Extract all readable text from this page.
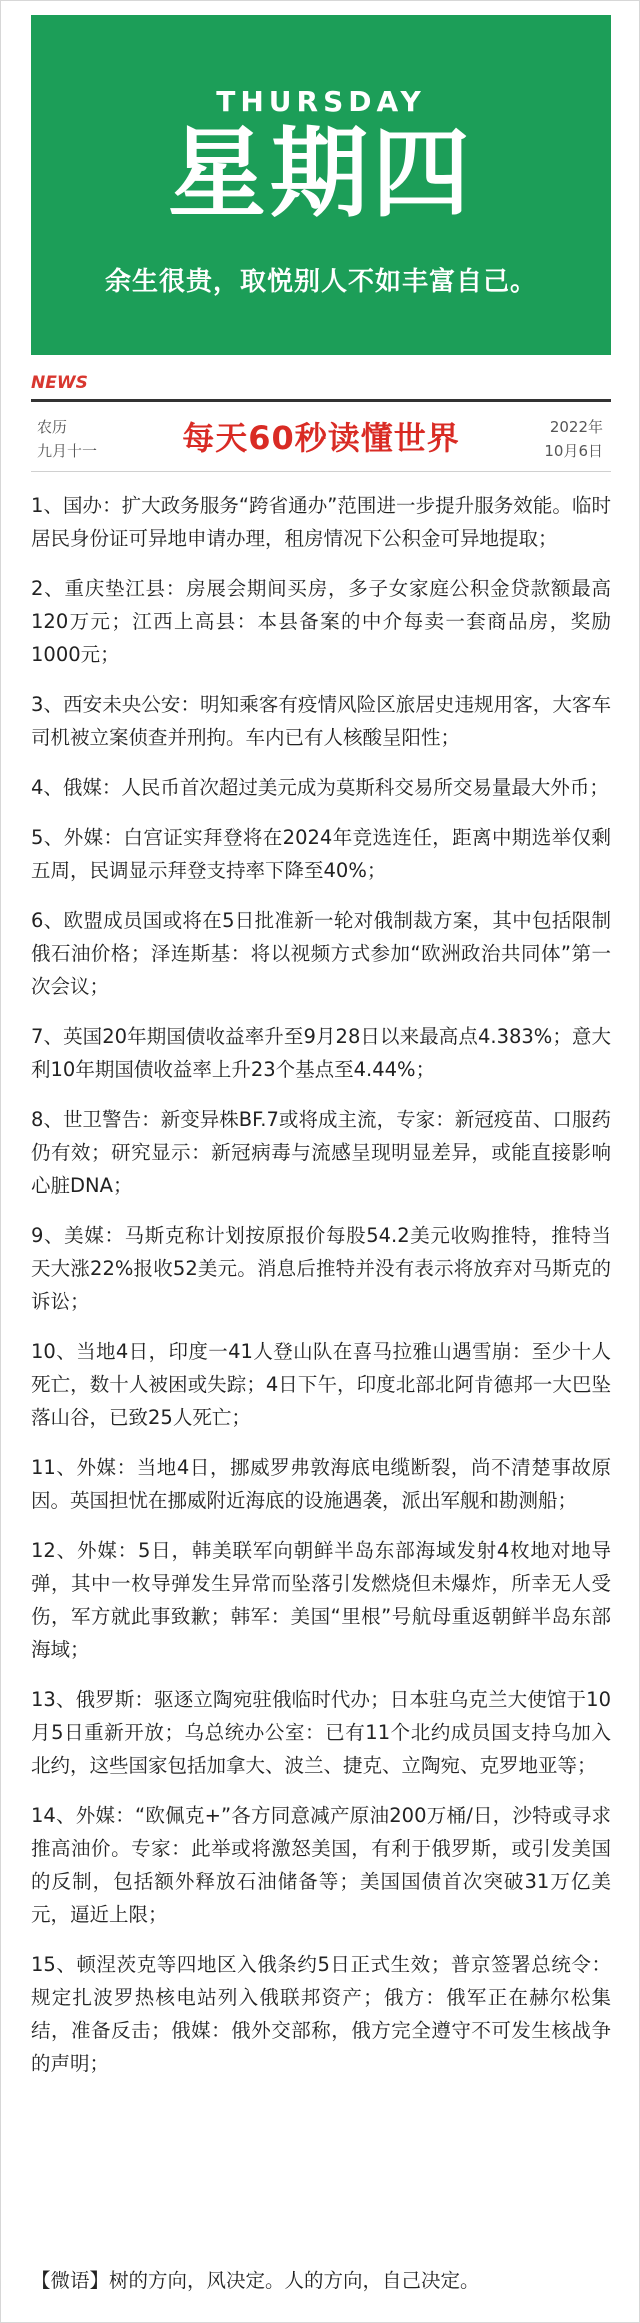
THURSDAY
星期四
余生很贵，取悦别人不如丰富自己。
NEWS
农历
九月十一	每天60秒读懂世界	2022年
10月6日
1、国办：扩大政务服务“跨省通办”范围进一步提升服务效能。临时居民身份证可异地申请办理，租房情况下公积金可异地提取；
2、重庆垫江县：房展会期间买房，多子女家庭公积金贷款额最高120万元；江西上高县：本县备案的中介每卖一套商品房，奖励1000元；
3、西安未央公安：明知乘客有疫情风险区旅居史违规用客，大客车司机被立案侦查并刑拘。车内已有人核酸呈阳性；
4、俄媒：人民币首次超过美元成为莫斯科交易所交易量最大外币；
5、外媒：白宫证实拜登将在2024年竞选连任，距离中期选举仅剩五周，民调显示拜登支持率下降至40%；
6、欧盟成员国或将在5日批准新一轮对俄制裁方案，其中包括限制俄石油价格；泽连斯基：将以视频方式参加“欧洲政治共同体”第一次会议；
7、英国20年期国债收益率升至9月28日以来最高点4.383%；意大利10年期国债收益率上升23个基点至4.44%；
8、世卫警告：新变异株BF.7或将成主流，专家：新冠疫苗、口服药仍有效；研究显示：新冠病毒与流感呈现明显差异，或能直接影响心脏DNA；
9、美媒：马斯克称计划按原报价每股54.2美元收购推特，推特当天大涨22%报收52美元。消息后推特并没有表示将放弃对马斯克的诉讼；
10、当地4日，印度一41人登山队在喜马拉雅山遇雪崩：至少十人死亡，数十人被困或失踪；4日下午，印度北部北阿肯德邦一大巴坠落山谷，已致25人死亡；
11、外媒：当地4日，挪威罗弗敦海底电缆断裂，尚不清楚事故原因。英国担忧在挪威附近海底的设施遇袭，派出军舰和勘测船；
12、外媒：5日，韩美联军向朝鲜半岛东部海域发射4枚地对地导弹，其中一枚导弹发生异常而坠落引发燃烧但未爆炸，所幸无人受伤，军方就此事致歉；韩军：美国“里根”号航母重返朝鲜半岛东部海域；
13、俄罗斯：驱逐立陶宛驻俄临时代办；日本驻乌克兰大使馆于10月5日重新开放；乌总统办公室：已有11个北约成员国支持乌加入北约，这些国家包括加拿大、波兰、捷克、立陶宛、克罗地亚等；
14、外媒：“欧佩克+”各方同意减产原油200万桶/日，沙特或寻求推高油价。专家：此举或将激怒美国，有利于俄罗斯，或引发美国的反制，包括额外释放石油储备等；美国国债首次突破31万亿美元，逼近上限；
15、顿涅茨克等四地区入俄条约5日正式生效；普京签署总统令：规定扎波罗热核电站列入俄联邦资产；俄方：俄军正在赫尔松集结，准备反击；俄媒：俄外交部称，俄方完全遵守不可发生核战争的声明；
【微语】树的方向，风决定。人的方向，自己决定。
